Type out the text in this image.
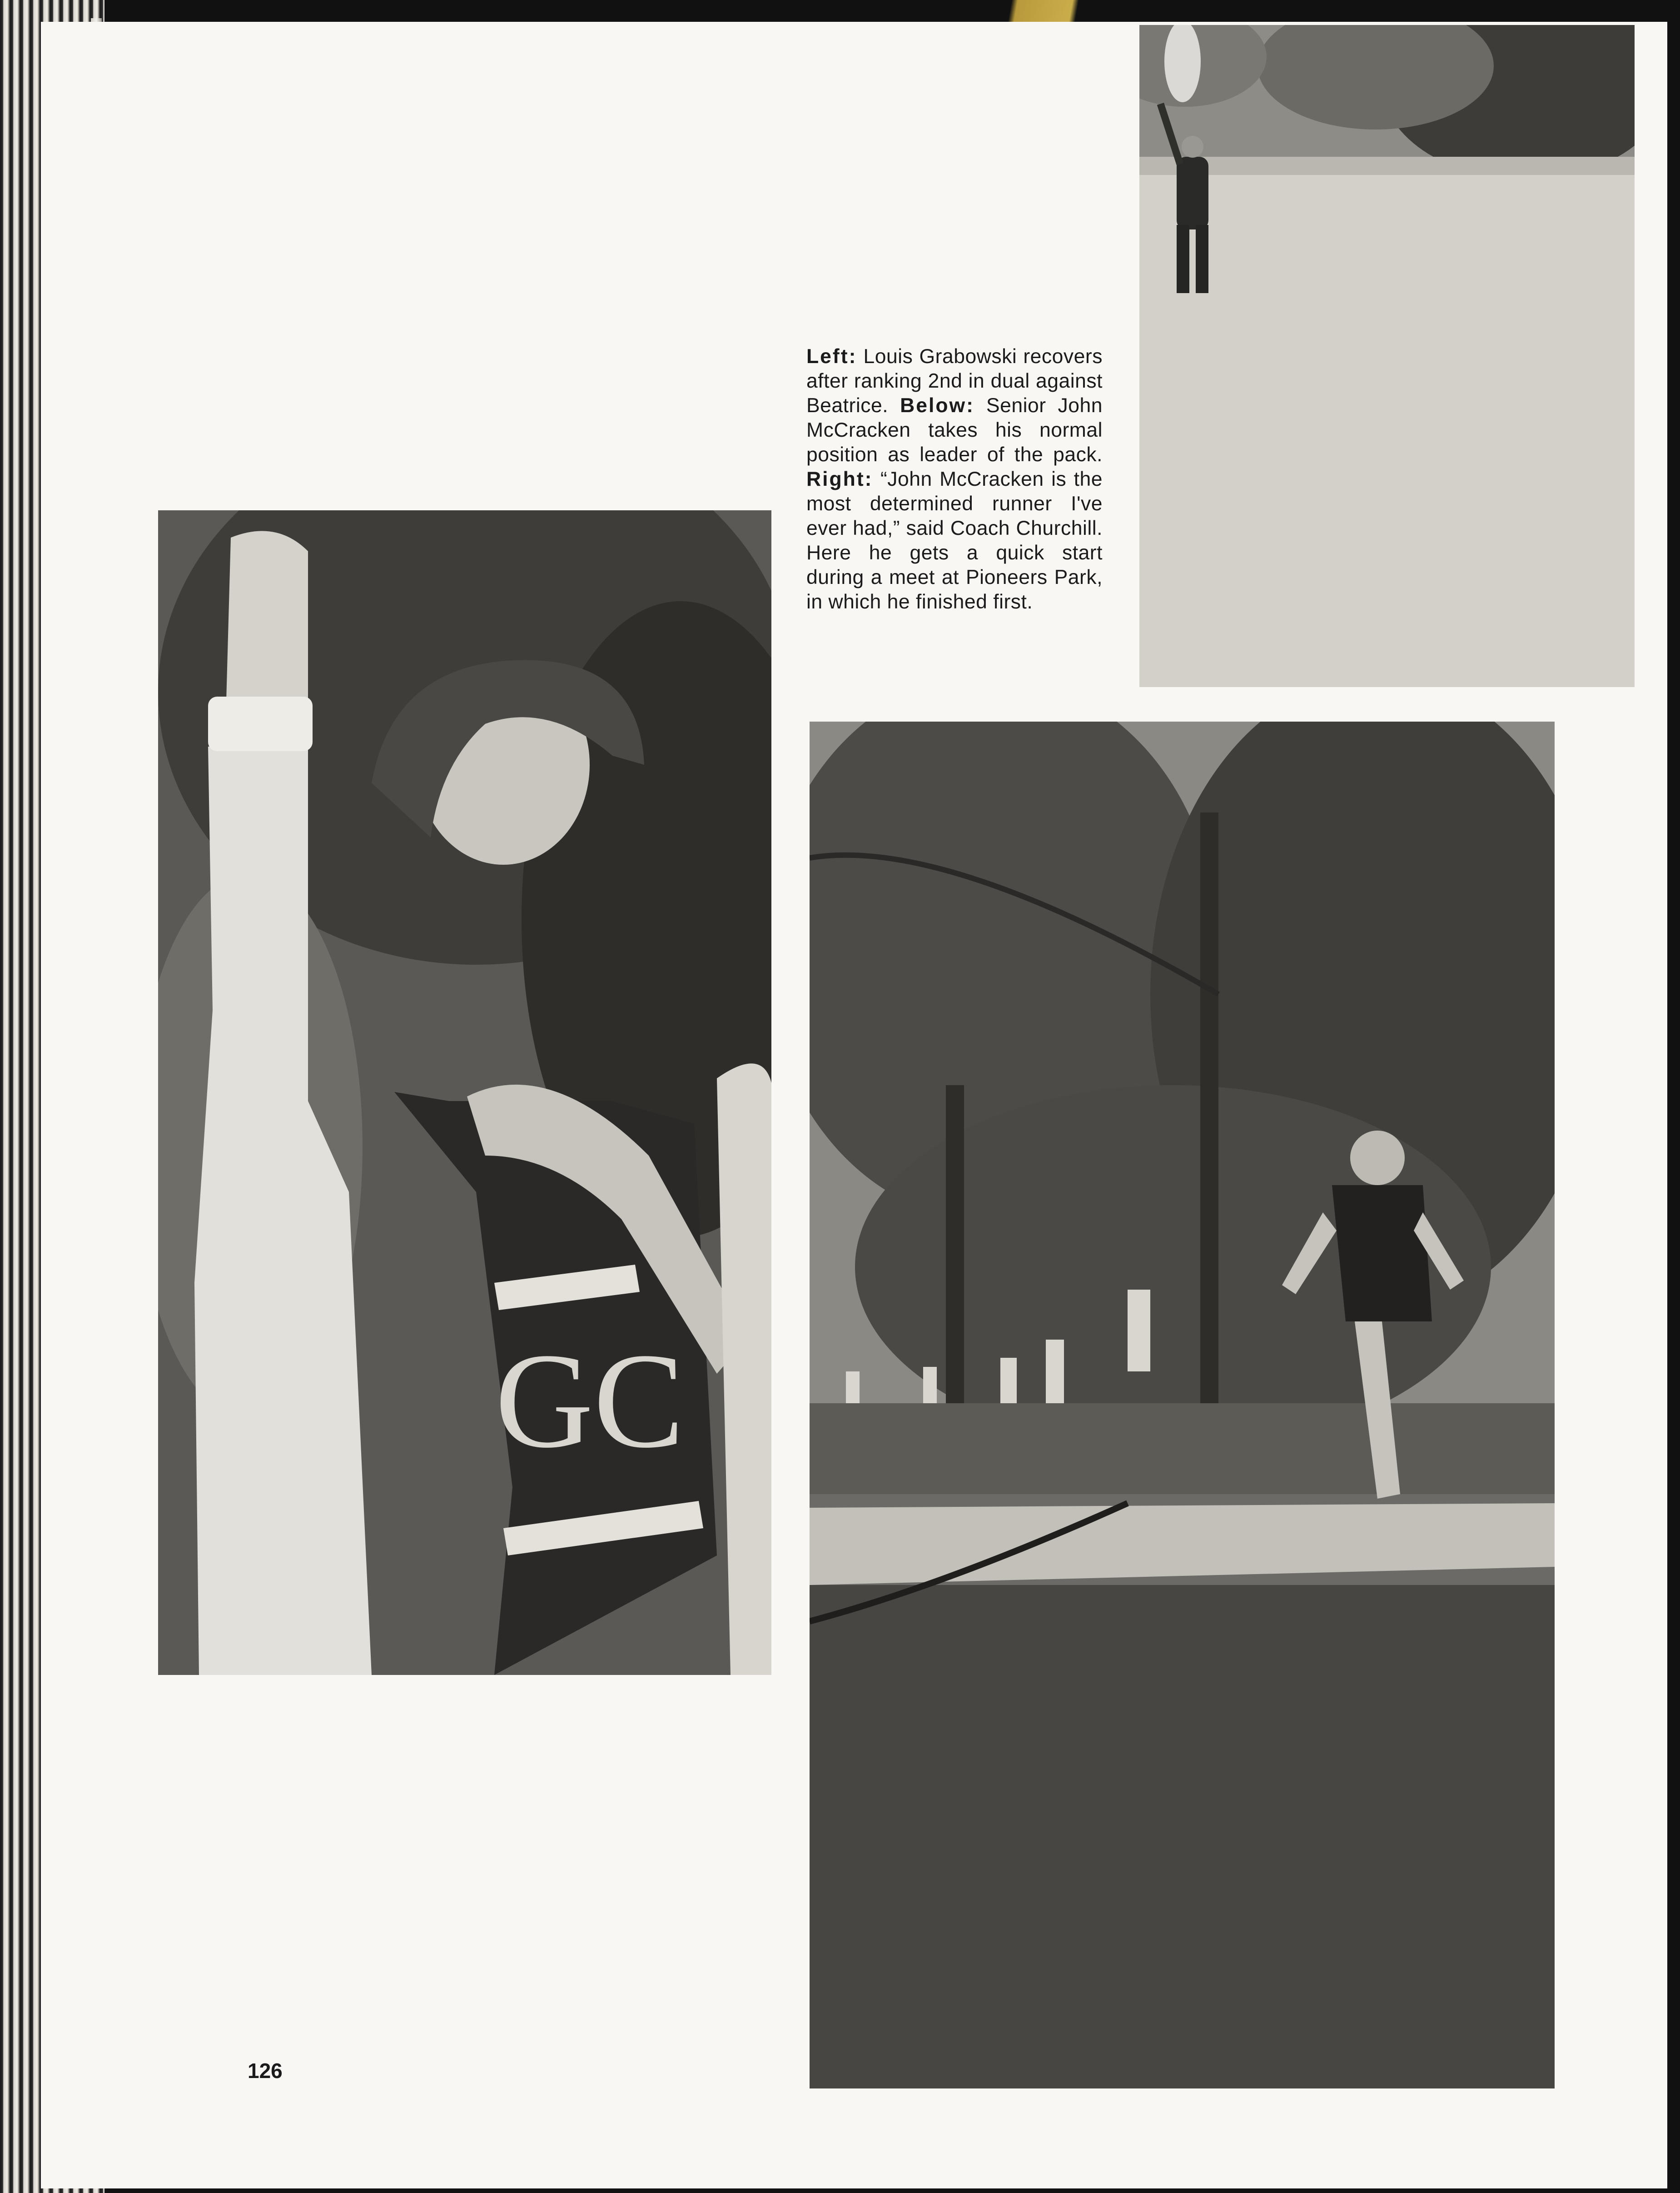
Left: Louis Grabowski recovers after ranking 2nd in dual against Beatrice. Below: Senior John McCracken takes his normal position as leader of the pack. Right: “John McCracken is the most determined runner I've ever had,” said Coach Churchill. Here he gets a quick start during a meet at Pioneers Park, in which he finished first.

GC
126
